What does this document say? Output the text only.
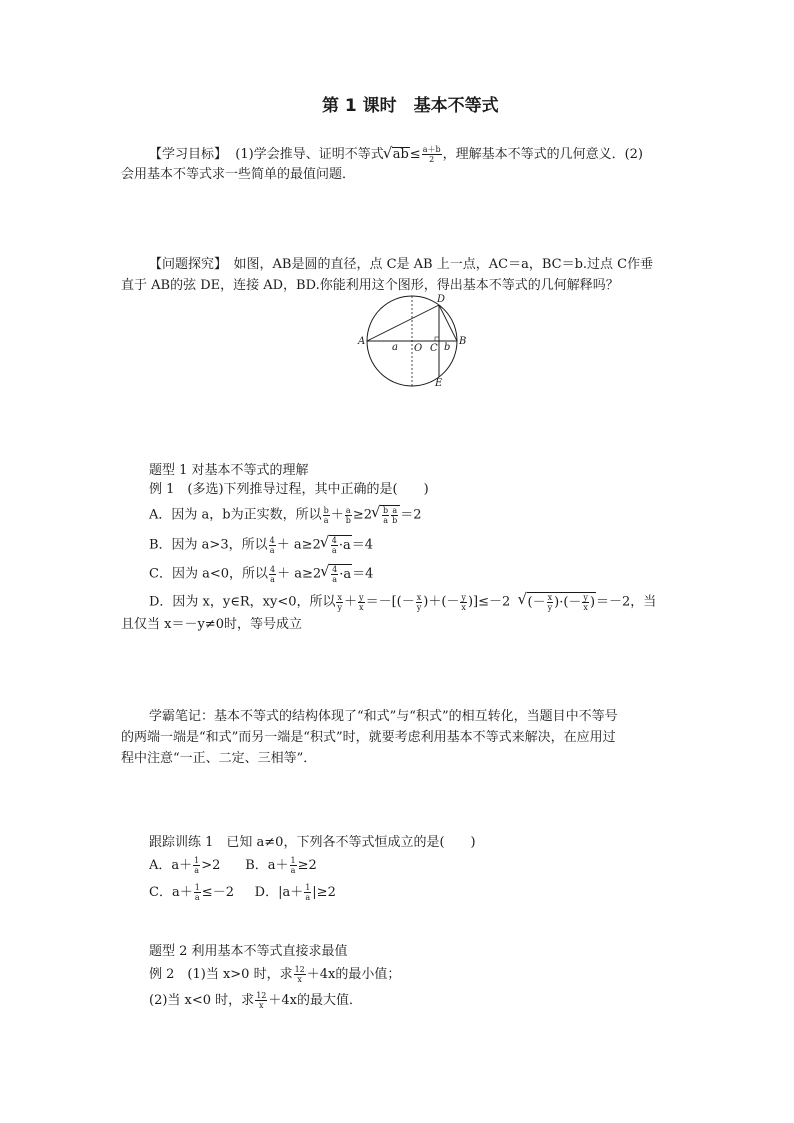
第 1 课时　基本不等式
【学习目标】 (1)学会推导、证明不等式 √ $ab\le \frac{a+b}{2}$ ，理解基本不等式的几何意义．(2)
会用基本不等式求一些简单的最值问题．
【问题探究】　如图，AB是圆的直径，点 C是 AB 上一点，AC＝a，BC＝b.过点 C作垂
直于 AB的弦 DE，连接 AD，BD.你能利用这个图形，得出基本不等式的几何解释吗？
A	B
C
D
E
O
a	b
题型 1 对基本不等式的理解
例 1　(多选)下列推导过程，其中正确的是(　　)
A．因为 a，b为正实数，所以 $\frac{b}{a} + \frac{a}{b} \ge 2$ √ $\frac{b}{a} \frac{a}{b} =2$
B．因为 a>3，所以 $\frac{4}{a} + a\ge 2$ √ $\frac{4}{a} \cdot a=4$
C．因为 a<0，所以 $\frac{4}{a} + a\ge 2$ √ $\frac{4}{a} \cdot a=4$
D．因为 x，y∈R，xy<0，所以 $\frac{x}{y} + \frac{y}{x}$ ＝－[(－ $\frac{x}{y}$ )＋(－ $\frac{y}{x} )]\le-2$ √ (－ $\frac{x}{y}$ )·(－ $\frac{y}{x} )=-2$，当
且仅当 x＝－y≠0时，等号成立
学霸笔记：基本不等式的结构体现了“和式”与“积式”的相互转化，当题目中不等号
的两端一端是“和式”而另一端是“积式”时，就要考虑利用基本不等式来解决，在应用过
程中注意“一正、二定、三相等”．
跟踪训练 1　已知 a≠0，下列各不等式恒成立的是(　　)
A．$a+ \frac{1}{a} >2$ B．$a+ \frac{1}{a} \ge 2$
C．$a+ \frac{1}{a} \le-2$ D．$|a+ \frac{1}{a} |\ge 2$
题型 2 利用基本不等式直接求最值
例 2　(1)当 x>0 时，求 $\frac{12}{x} +4x$的最小值；
(2)当 x<0 时，求 $\frac{12}{x} +4x$的最大值．
